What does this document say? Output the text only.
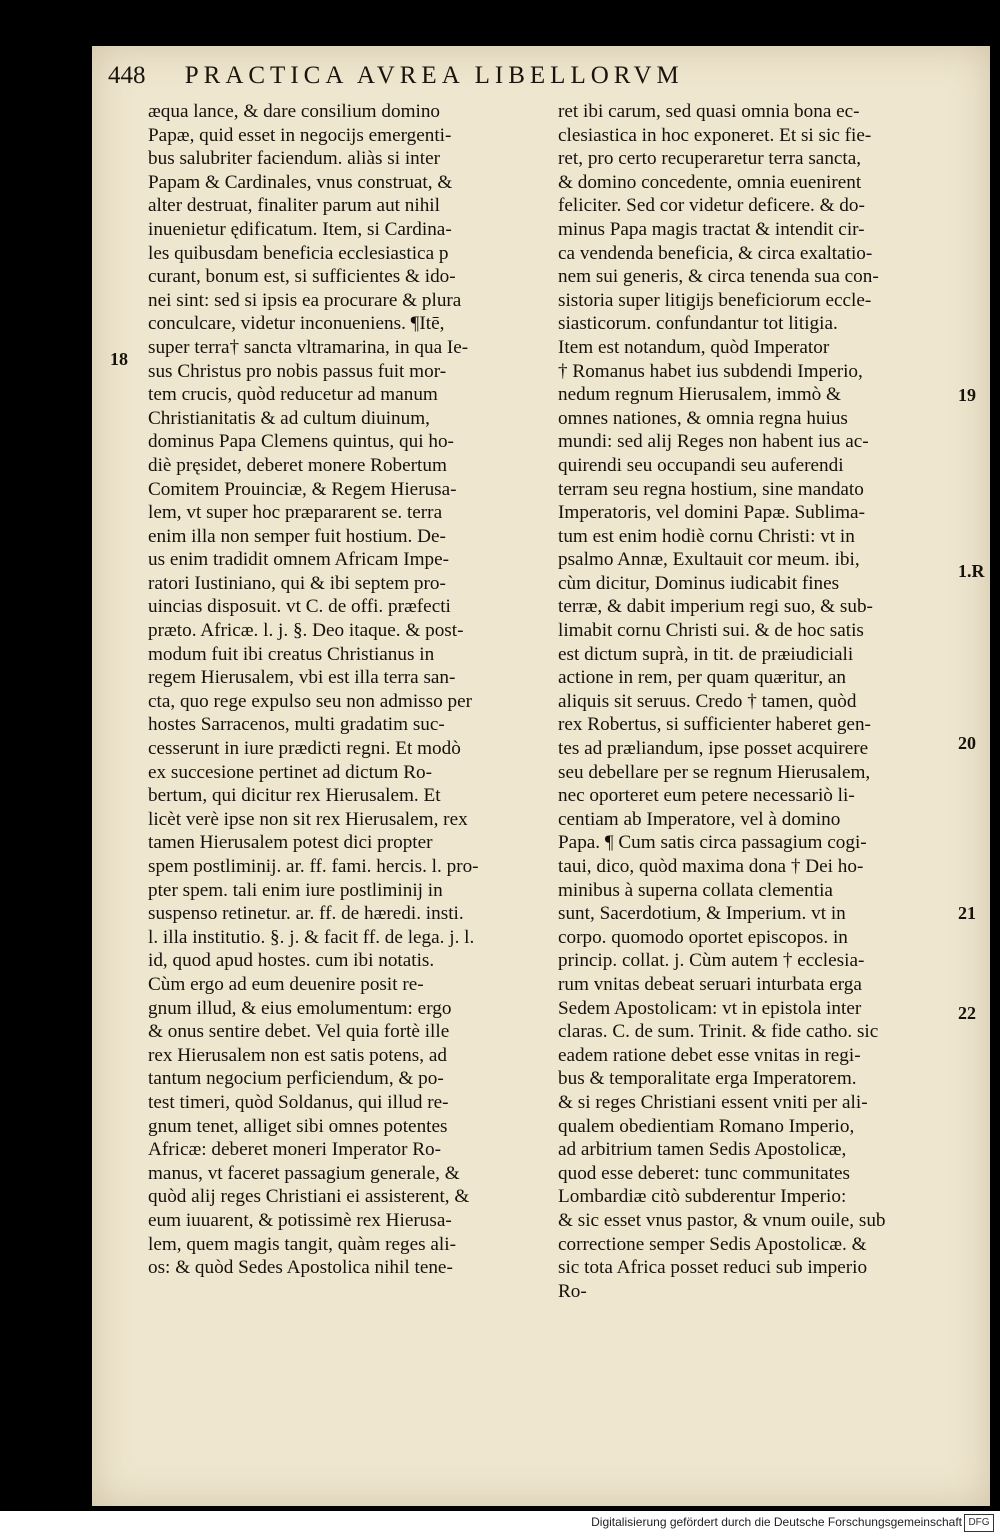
448 PRACTICA AVREA LIBELLORVM
æqua lance, & dare consilium domino
Papæ, quid esset in negocijs emergenti-
bus salubriter faciendum. aliàs si inter
Papam & Cardinales, vnus construat, &
alter destruat, finaliter parum aut nihil
inuenietur ędificatum. Item, si Cardina-
les quibusdam beneficia ecclesiastica p
curant, bonum est, si sufficientes & ido-
nei sint: sed si ipsis ea procurare & plura
conculcare, videtur inconueniens. ¶Itē,
super terra† sancta vltramarina, in qua Ie-
sus Christus pro nobis passus fuit mor-
tem crucis, quòd reducetur ad manum
Christianitatis & ad cultum diuinum,
dominus Papa Clemens quintus, qui ho-
diè pręsidet, deberet monere Robertum
Comitem Prouinciæ, & Regem Hierusa-
lem, vt super hoc præpararent se. terra
enim illa non semper fuit hostium. De-
us enim tradidit omnem Africam Impe-
ratori Iustiniano, qui & ibi septem pro-
uincias disposuit. vt C. de offi. præfecti
præto. Africæ. l. j. §. Deo itaque. & post-
modum fuit ibi creatus Christianus in
regem Hierusalem, vbi est illa terra san-
cta, quo rege expulso seu non admisso per
hostes Sarracenos, multi gradatim suc-
cesserunt in iure prædicti regni. Et modò
ex succesione pertinet ad dictum Ro-
bertum, qui dicitur rex Hierusalem. Et
licèt verè ipse non sit rex Hierusalem, rex
tamen Hierusalem potest dici propter
spem postliminij. ar. ff. fami. hercis. l. pro-
pter spem. tali enim iure postliminij in
suspenso retinetur. ar. ff. de hæredi. insti.
l. illa institutio. §. j. & facit ff. de lega. j. l.
id, quod apud hostes. cum ibi notatis.
Cùm ergo ad eum deuenire posit re-
gnum illud, & eius emolumentum: ergo
& onus sentire debet. Vel quia fortè ille
rex Hierusalem non est satis potens, ad
tantum negocium perficiendum, & po-
test timeri, quòd Soldanus, qui illud re-
gnum tenet, alliget sibi omnes potentes
Africæ: deberet moneri Imperator Ro-
manus, vt faceret passagium generale, &
quòd alij reges Christiani ei assisterent, &
eum iuuarent, & potissimè rex Hierusa-
lem, quem magis tangit, quàm reges ali-
os: & quòd Sedes Apostolica nihil tene-
ret ibi carum, sed quasi omnia bona ec-
clesiastica in hoc exponeret. Et si sic fie-
ret, pro certo recuperaretur terra sancta,
& domino concedente, omnia euenirent
feliciter. Sed cor videtur deficere. & do-
minus Papa magis tractat & intendit cir-
ca vendenda beneficia, & circa exaltatio-
nem sui generis, & circa tenenda sua con-
sistoria super litigijs beneficiorum eccle-
siasticorum. confundantur tot litigia.
Item est notandum, quòd Imperator
† Romanus habet ius subdendi Imperio,
nedum regnum Hierusalem, immò &
omnes nationes, & omnia regna huius
mundi: sed alij Reges non habent ius ac-
quirendi seu occupandi seu auferendi
terram seu regna hostium, sine mandato
Imperatoris, vel domini Papæ. Sublima-
tum est enim hodiè cornu Christi: vt in
psalmo Annæ, Exultauit cor meum. ibi,
cùm dicitur, Dominus iudicabit fines
terræ, & dabit imperium regi suo, & sub-
limabit cornu Christi sui. & de hoc satis
est dictum suprà, in tit. de præiudiciali
actione in rem, per quam quæritur, an
aliquis sit seruus. Credo † tamen, quòd
rex Robertus, si sufficienter haberet gen-
tes ad præliandum, ipse posset acquirere
seu debellare per se regnum Hierusalem,
nec oporteret eum petere necessariò li-
centiam ab Imperatore, vel à domino
Papa. ¶ Cum satis circa passagium cogi-
taui, dico, quòd maxima dona † Dei ho-
minibus à superna collata clementia
sunt, Sacerdotium, & Imperium. vt in
corpo. quomodo oportet episcopos. in
princip. collat. j. Cùm autem † ecclesia-
rum vnitas debeat seruari inturbata erga
Sedem Apostolicam: vt in epistola inter
claras. C. de sum. Trinit. & fide catho. sic
eadem ratione debet esse vnitas in regi-
bus & temporalitate erga Imperatorem.
& si reges Christiani essent vniti per ali-
qualem obedientiam Romano Imperio,
ad arbitrium tamen Sedis Apostolicæ,
quod esse deberet: tunc communitates
Lombardiæ citò subderentur Imperio:
& sic esset vnus pastor, & vnum ouile, sub
correctione semper Sedis Apostolicæ. &
sic tota Africa posset reduci sub imperio
Ro-
18
19
1.R
20
21
22
Digitalisierung gefördert durch die Deutsche Forschungsgemeinschaft DFG
